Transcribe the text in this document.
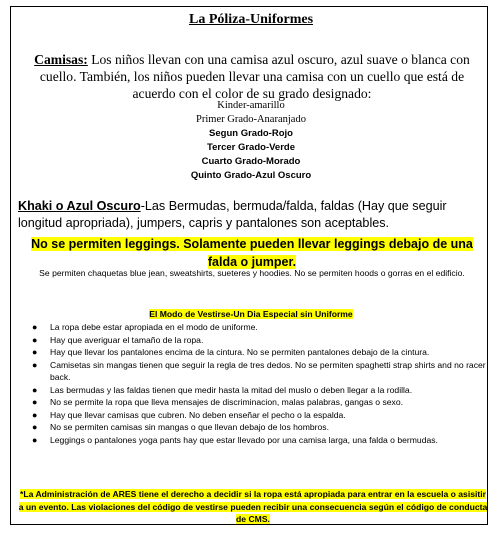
La Póliza-Uniformes
Camisas: Los niños llevan con una camisa azul oscuro, azul suave o blanca con cuello. También, los niños pueden llevar una camisa con un cuello que está de acuerdo con el color de su grado designado:
Kinder-amarillo
Primer Grado-Anaranjado
Segun Grado-Rojo
Tercer Grado-Verde
Cuarto Grado-Morado
Quinto Grado-Azul Oscuro
Khaki o Azul Oscuro-Las Bermudas, bermuda/falda, faldas (Hay que seguir longitud apropriada), jumpers, capris y pantalones son aceptables.
No se permiten leggings. Solamente pueden llevar leggings debajo de una
falda o jumper.
Se permiten chaquetas blue jean, sweatshirts, sueteres y hoodies. No se permiten hoods o gorras en el edificio.
El Modo de Vestirse-Un Dia Especial sin Uniforme
● La ropa debe estar apropiada en el modo de uniforme.
● Hay que averiguar el tamaño de la ropa.
● Hay que llevar los pantalones encima de la cintura. No se permiten pantalones debajo de la cintura.
● Camisetas sin mangas tienen que seguir la regla de tres dedos. No se permiten spaghetti strap shirts and no racer back.
● Las bermudas y las faldas tienen que medir hasta la mitad del muslo o deben llegar a la rodilla.
● No se permite la ropa que lleva mensajes de discriminacion, malas palabras, gangas o sexo.
● Hay que llevar camisas que cubren. No deben enseñar el pecho o la espalda.
● No se permiten camisas sin mangas o que llevan debajo de los hombros.
● Leggings o pantalones yoga pants hay que estar llevado por una camisa larga, una falda o bermudas.
*La Administración de ARES tiene el derecho a decidir si la ropa está apropiada para entrar en la escuela o asisitir a un evento. Las violaciones del código de vestirse pueden recibir una consecuencia según el código de conducta de CMS.
